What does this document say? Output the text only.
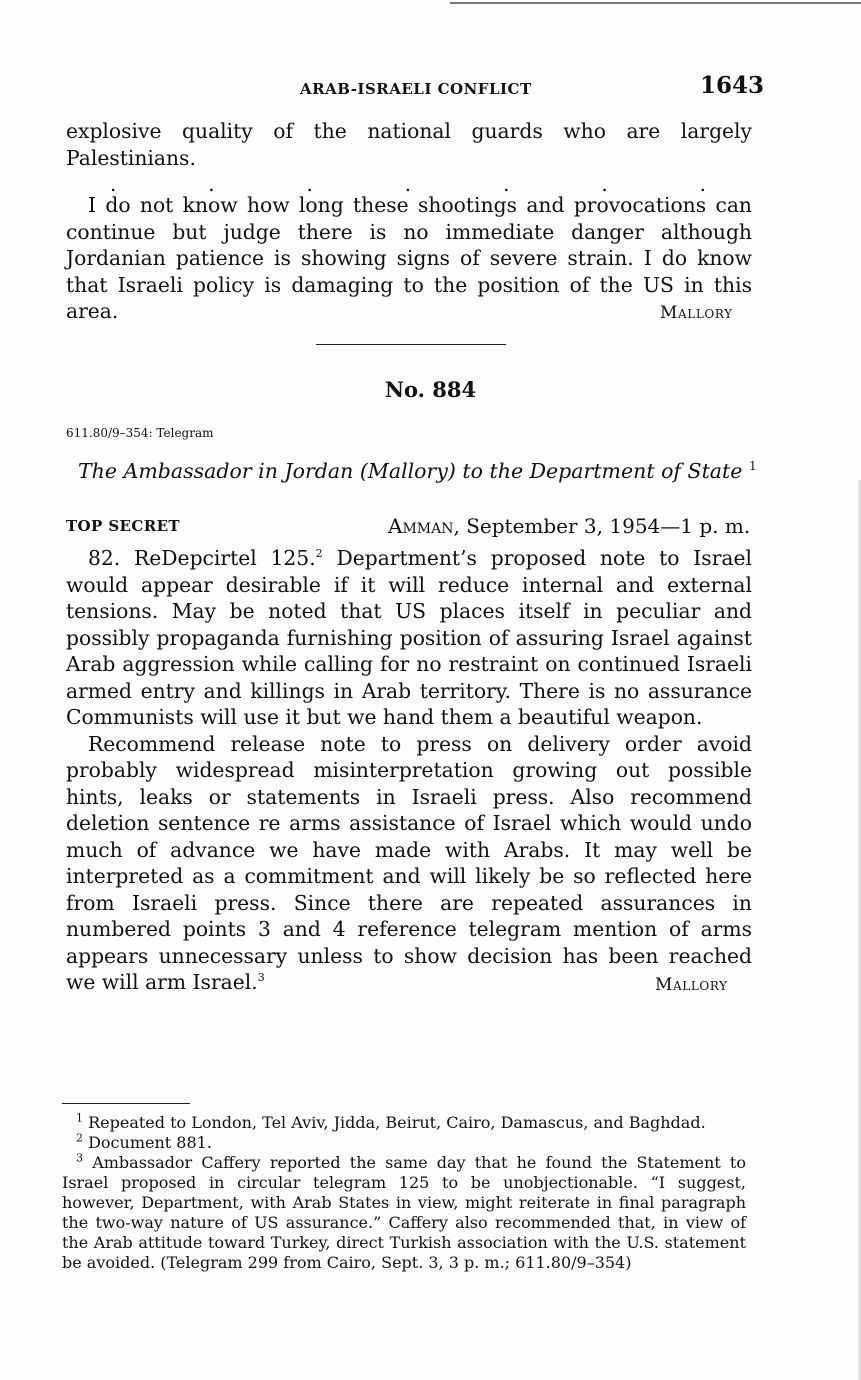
ARAB-ISRAELI CONFLICT	1643

explosive quality of the national guards who are largely Palestinians.

.	.	.	.	.	.	.

I do not know how long these shootings and provocations can continue but judge there is no immediate danger although Jordanian patience is showing signs of severe strain. I do know that Israeli policy is damaging to the position of the US in this area.	Mallory
No. 884
611.80/9–354: Telegram
The Ambassador in Jordan (Mallory) to the Department of State $^1$
TOP SECRET	Amman, September 3, 1954—1 p. m.

82. ReDepcirtel 125.$^2$ Department’s proposed note to Israel would appear desirable if it will reduce internal and external tensions. May be noted that US places itself in peculiar and possibly propaganda furnishing position of assuring Israel against Arab aggression while calling for no restraint on continued Israeli armed entry and killings in Arab territory. There is no assurance Communists will use it but we hand them a beautiful weapon.

Recommend release note to press on delivery order avoid probably widespread misinterpretation growing out possible hints, leaks or statements in Israeli press. Also recommend deletion sentence re arms assistance of Israel which would undo much of advance we have made with Arabs. It may well be interpreted as a commitment and will likely be so reflected here from Israeli press. Since there are repeated assurances in numbered points 3 and 4 reference telegram mention of arms appears unnecessary unless to show decision has been reached we will arm Israel.$^3$	Mallory

$^1$ Repeated to London, Tel Aviv, Jidda, Beirut, Cairo, Damascus, and Baghdad.

$^2$ Document 881.

$^3$ Ambassador Caffery reported the same day that he found the Statement to Israel proposed in circular telegram 125 to be unobjectionable. “I suggest, however, Department, with Arab States in view, might reiterate in final paragraph the two-way nature of US assurance.” Caffery also recommended that, in view of the Arab attitude toward Turkey, direct Turkish association with the U.S. statement be avoided. (Telegram 299 from Cairo, Sept. 3, 3 p. m.; 611.80/9–354)
